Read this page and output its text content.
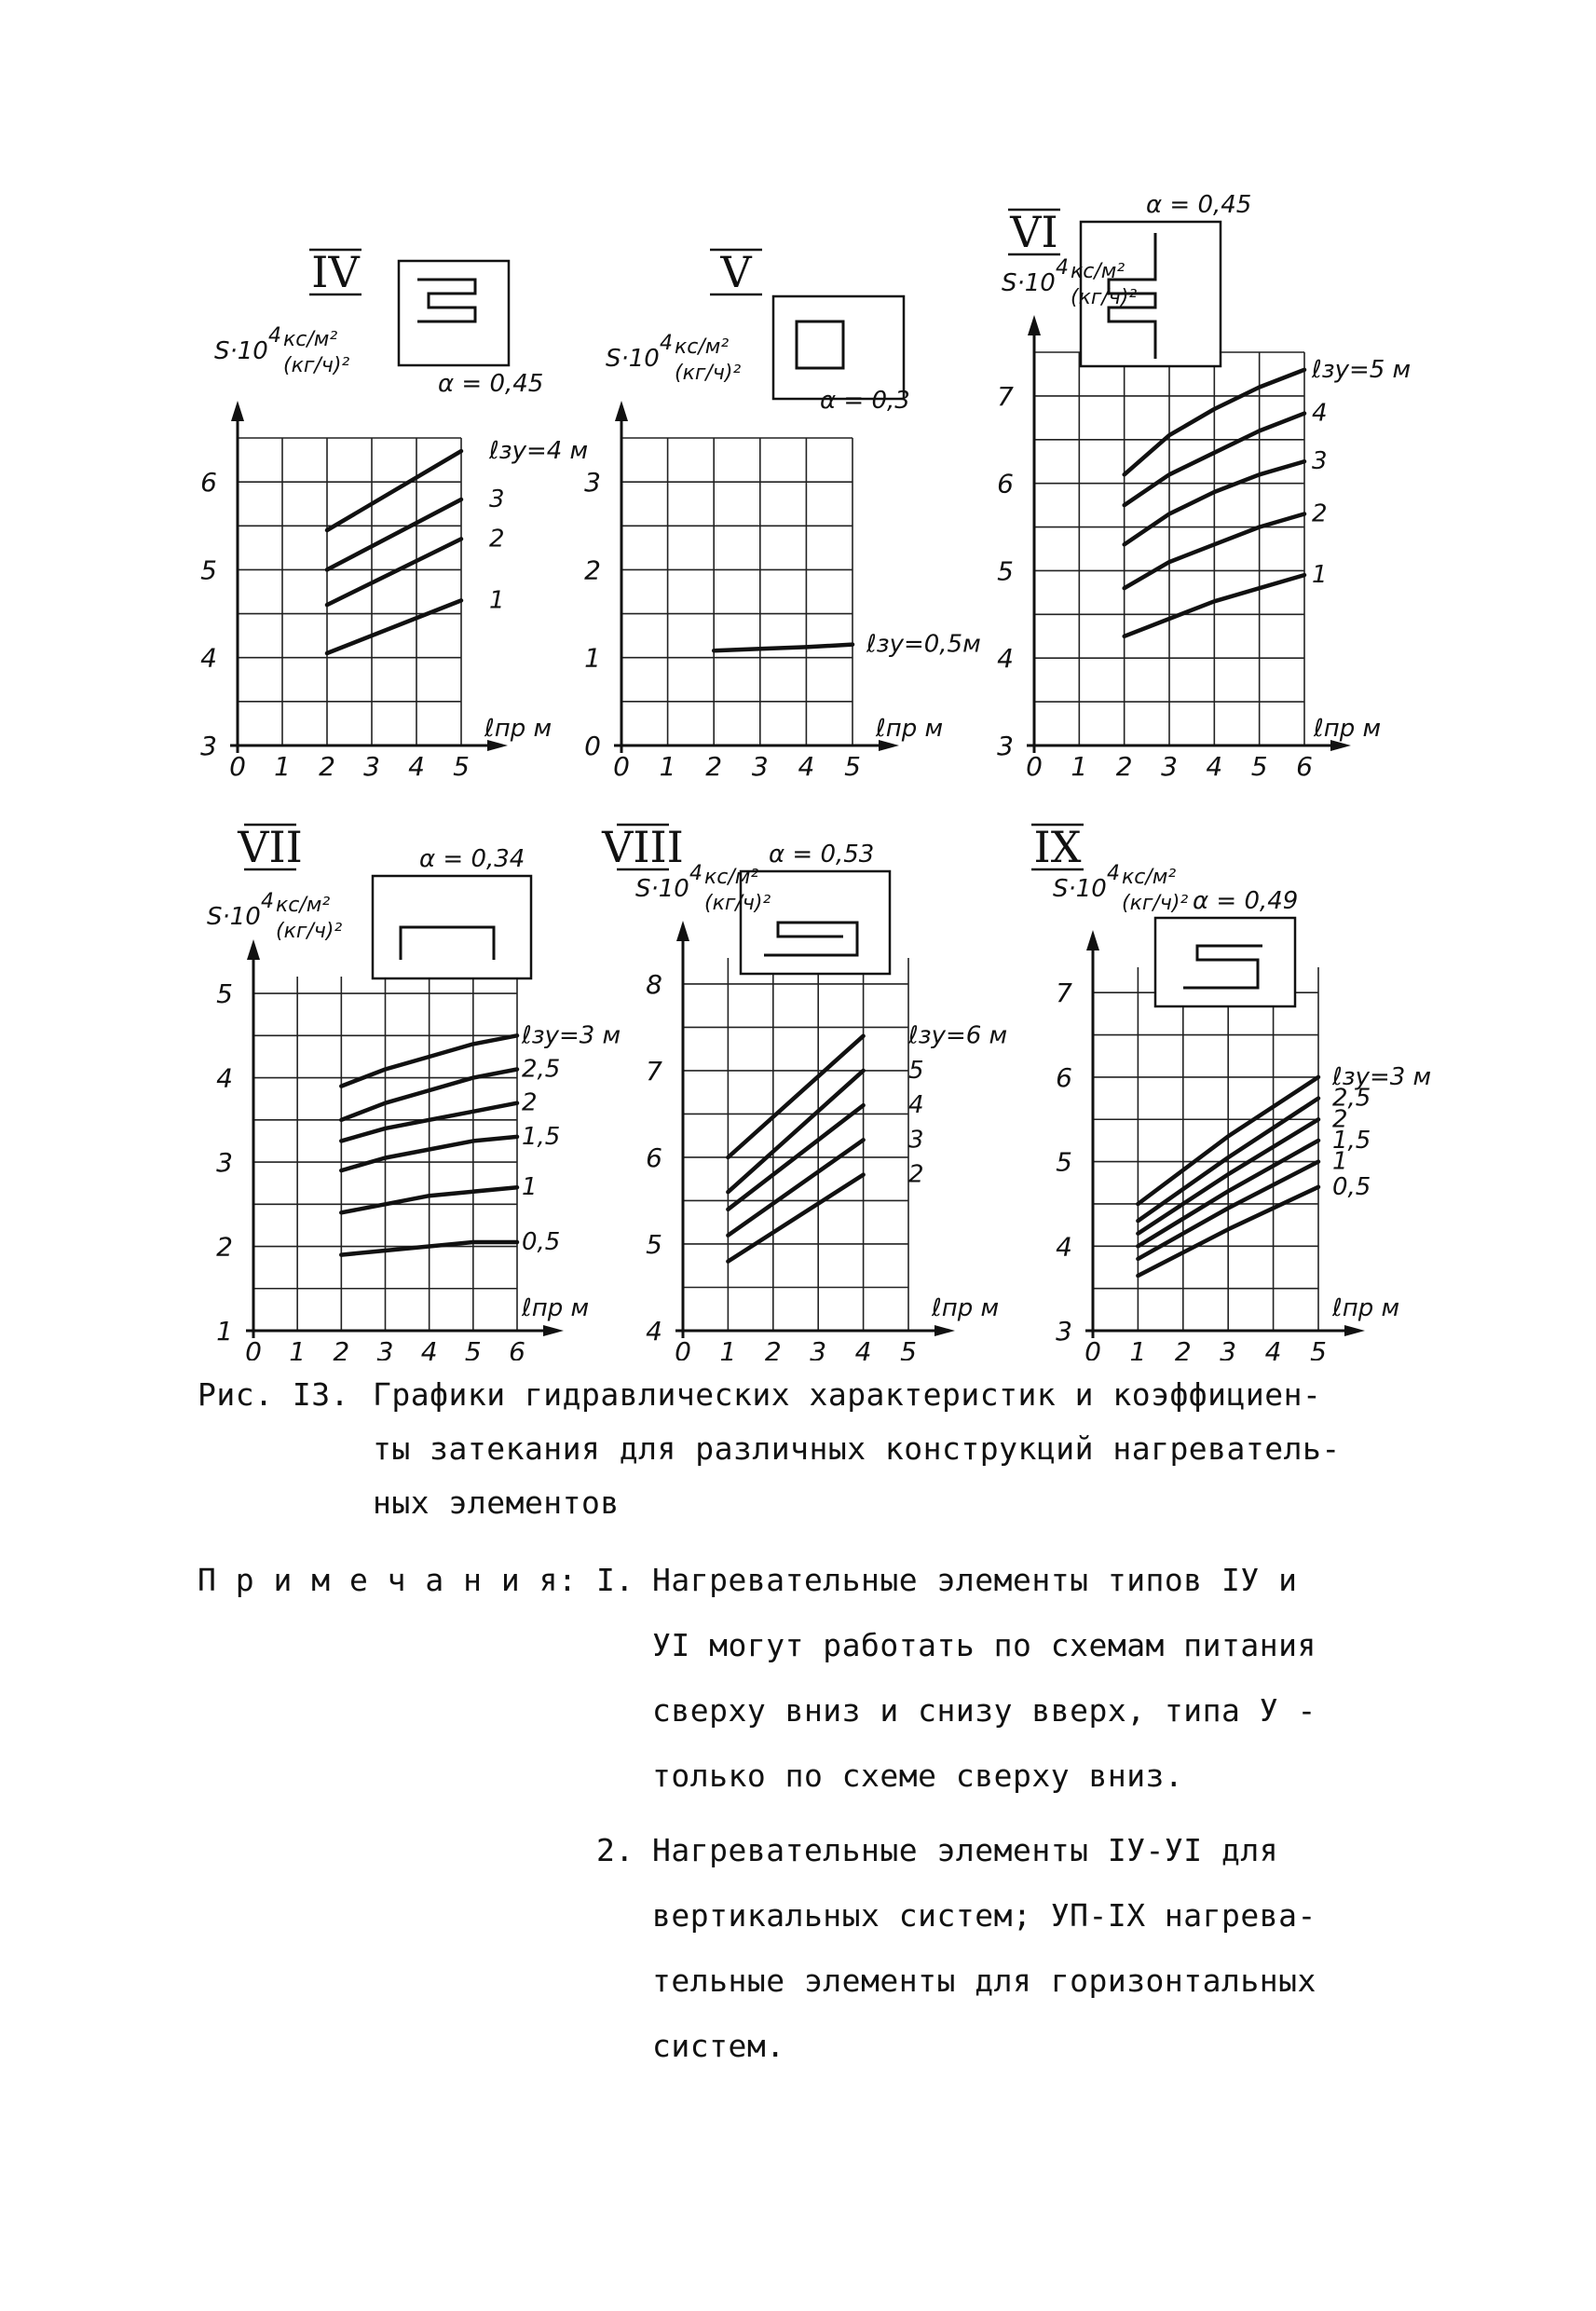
0 1 2 3 4 5
3
4
5
6
IV
α = 0,45
S·10
4 кс/м²
(кг/ч)²
ℓпр м
ℓзу=4 м
3
2
1
0 1 2 3 4 5
0
1
2
3
V
α = 0,3
S·10
4 кс/м²
(кг/ч)²
ℓпр м
ℓзу=0,5м
0 1 2 3 4 5 6
3
4
5
6
7
VI
α = 0,45
S·10
4 кс/м²
(кг/ч)²
ℓпр м
ℓзу=5 м
4
3
2
1
0 1 2 3 4 5 6
1
2
3
4
5
VII	α = 0,34
S·10
4 кс/м²
(кг/ч)²
ℓпр м
ℓзу=3 м
2,5
2
1,5
1
0,5
0 1 2 3 4 5
4
5
6
7
8
VIII	α = 0,53
S·10
4 кс/м²
(кг/ч)²
ℓпр м
ℓзу=6 м
5
4
3
2
0 1 2 3 4 5
3
4
5
6
7
IX
α = 0,49
S·10
4 кс/м²
(кг/ч)²
ℓпр м
ℓзу=3 м
2,5
2
1,5
1
0,5
Рис. I3. Графики гидравлических характеристик и коэффициен-
ты затекания для различных конструкций нагреватель-
ных элементов
П р и м е ч а н и я: I. Нагревательные элементы типов IУ и
УI могут работать по схемам питания
сверху вниз и снизу вверх, типа У -
только по схеме сверху вниз.
2. Нагревательные элементы IУ-УI для
вертикальных систем; УП-IX нагрева-
тельные элементы для горизонтальных
систем.
